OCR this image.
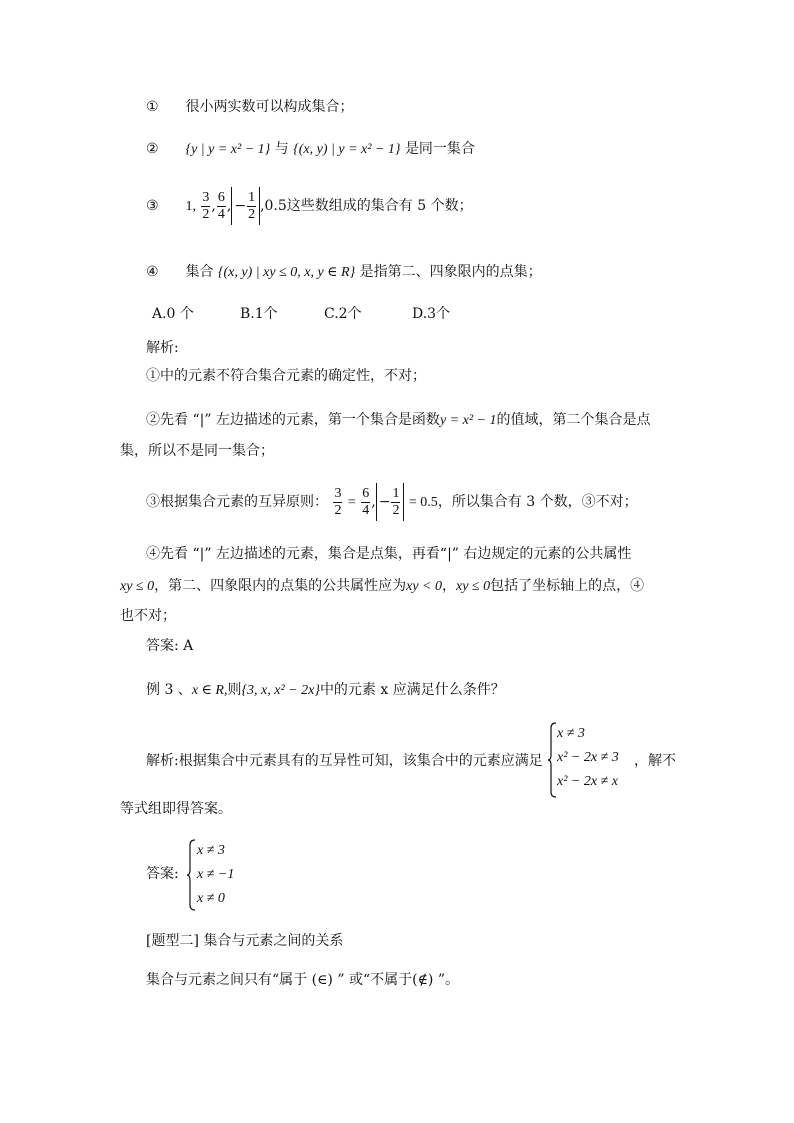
① 很小两实数可以构成集合；
② {y | y = x² − 1} 与 {(x, y) | y = x² − 1} 是同一集合
③ 1, $\frac{3}{2}$ , $\frac{6}{4}$ , − $\frac{1}{2} ,0.5$这些数组成的集合有 5 个数；
④ 集合 {(x, y) | xy ≤ 0, x, y ∈ R} 是指第二、四象限内的点集；
A.0 个	B.1个	C.2个	D.3个
解析:
①中的元素不符合集合元素的确定性，不对；
②先看 “|” 左边描述的元素，第一个集合是函数y = x² − 1的值域，第二个集合是点
集，所以不是同一集合；
③根据集合元素的互异原则： $\frac{3}{2} = \frac{6}{4}$ , − $\frac{1}{2} = 0.5$，所以集合有 3 个数，③不对；
④先看 “|” 左边描述的元素，集合是点集，再看“|” 右边规定的元素的公共属性
xy ≤ 0，第二、四象限内的点集的公共属性应为xy < 0，xy ≤ 0包括了坐标轴上的点，④
也不对；
答案: A
例 3 、x ∈ R,则{3, x, x² − 2x}中的元素 x 应满足什么条件？
解析:根据集合中元素具有的互异性可知，该集合中的元素应满足
x ≠ 3
x² − 2x ≠ 3
x² − 2x ≠ x
，解不
等式组即得答案。
答案:
x ≠ 3
x ≠ −1
x ≠ 0
[题型二] 集合与元素之间的关系
集合与元素之间只有“属于 (∈) ” 或“不属于(∉) ”。
